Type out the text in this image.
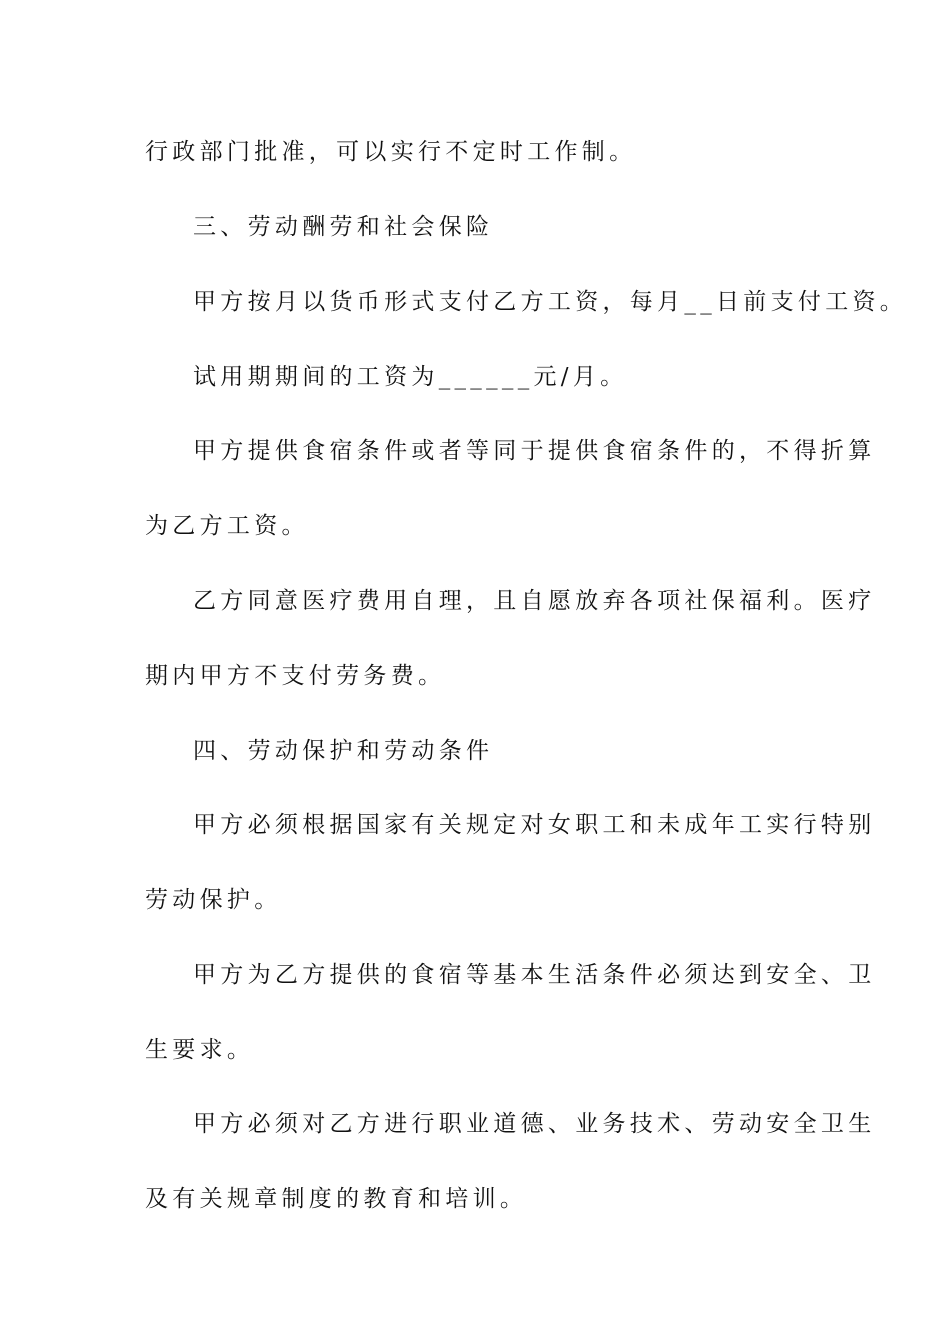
行政部门批准，可以实行不定时工作制。
三、劳动酬劳和社会保险
甲方按月以货币形式支付乙方工资，每月__日前支付工资。
试用期期间的工资为______元/月。
甲方提供食宿条件或者等同于提供食宿条件的，不得折算
为乙方工资。
乙方同意医疗费用自理，且自愿放弃各项社保福利。医疗
期内甲方不支付劳务费。
四、劳动保护和劳动条件
甲方必须根据国家有关规定对女职工和未成年工实行特别
劳动保护。
甲方为乙方提供的食宿等基本生活条件必须达到安全、卫
生要求。
甲方必须对乙方进行职业道德、业务技术、劳动安全卫生
及有关规章制度的教育和培训。
